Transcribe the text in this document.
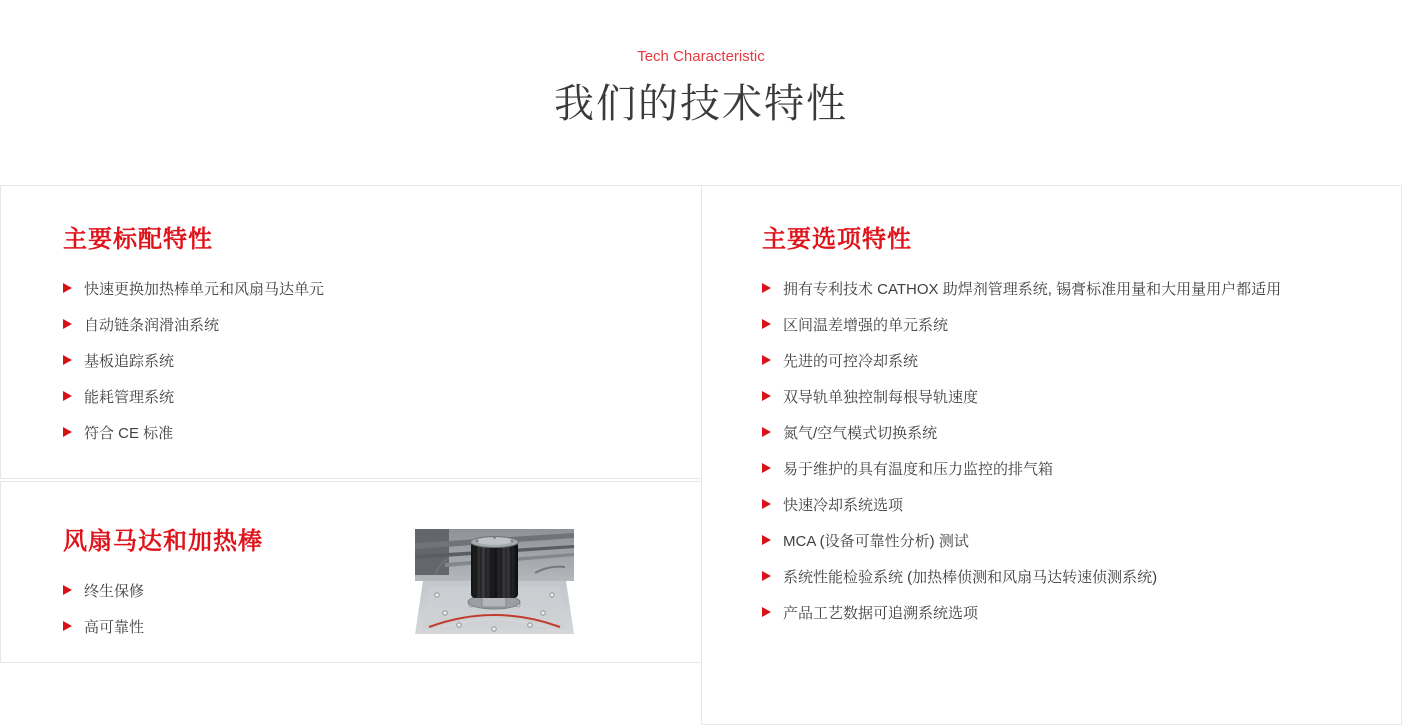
Tech Characteristic
我们的技术特性
主要标配特性
快速更换加热棒单元和风扇马达单元
自动链条润滑油系统
基板追踪系统
能耗管理系统
符合 CE 标准
风扇马达和加热棒
终生保修
高可靠性
主要选项特性
拥有专利技术 CATHOX 助焊剂管理系统, 锡膏标准用量和大用量用户都适用
区间温差增强的单元系统
先进的可控冷却系统
双导轨单独控制每根导轨速度
氮气/空气模式切换系统
易于维护的具有温度和压力监控的排气箱
快速冷却系统选项
MCA (设备可靠性分析) 测试
系统性能检验系统 (加热棒侦测和风扇马达转速侦测系统)
产品工艺数据可追溯系统选项
